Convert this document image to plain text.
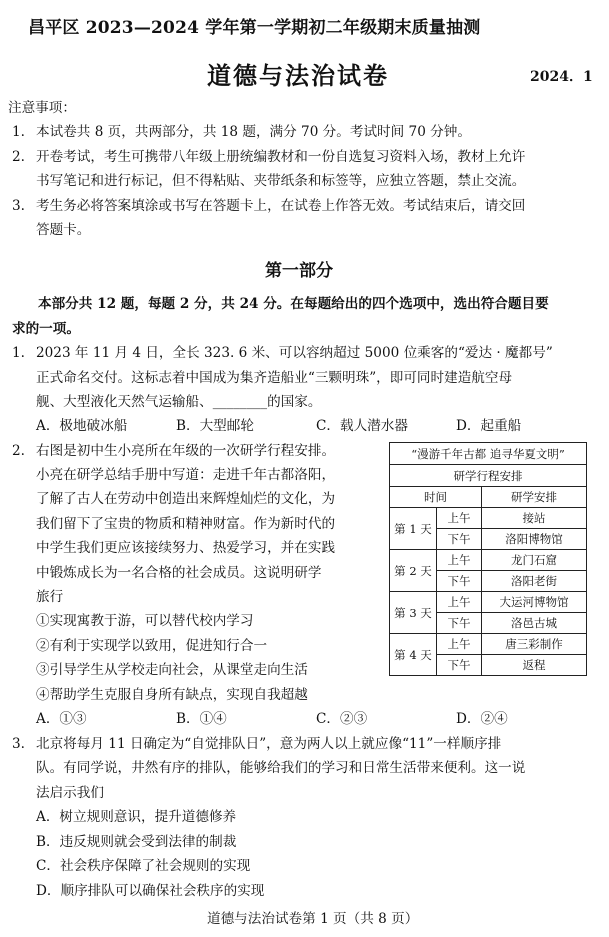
昌平区 2023—2024 学年第一学期初二年级期末质量抽测
道德与法治试卷	2024．1
注意事项：
1. 本试卷共 8 页，共两部分，共 18 题，满分 70 分。考试时间 70 分钟。
2. 开卷考试，考生可携带八年级上册统编教材和一份自选复习资料入场，教材上允许
书写笔记和进行标记，但不得粘贴、夹带纸条和标签等，应独立答题，禁止交流。
3. 考生务必将答案填涂或书写在答题卡上，在试卷上作答无效。考试结束后，请交回
答题卡。
第一部分
本部分共 12 题，每题 2 分，共 24 分。在每题给出的四个选项中，选出符合题目要
求的一项。
1. 2023 年 11 月 4 日，全长 323. 6 米、可以容纳超过 5000 位乘客的“爱达 · 魔都号”
正式命名交付。这标志着中国成为集齐造船业“三颗明珠”，即可同时建造航空母
舰、大型液化天然气运输船、________的国家。
A．极地破冰船	B．大型邮轮	C．载人潜水器	D．起重船
2. 右图是初中生小亮所在年级的一次研学行程安排。
小亮在研学总结手册中写道：走进千年古都洛阳，
了解了古人在劳动中创造出来辉煌灿烂的文化，为
我们留下了宝贵的物质和精神财富。作为新时代的
中学生我们更应该接续努力、热爱学习，并在实践
中锻炼成长为一名合格的社会成员。这说明研学
旅行
①实现寓教于游，可以替代校内学习
②有利于实现学以致用，促进知行合一
③引导学生从学校走向社会，从课堂走向生活
④帮助学生克服自身所有缺点，实现自我超越
A．①③	B．①④	C．②③	D．②④
“漫游千年古都 追寻华夏文明”		
研学行程安排		
时间		研学安排
第 1 天	上午	接站
	下午	洛阳博物馆
第 2 天	上午	龙门石窟
	下午	洛阳老街
第 3 天	上午	大运河博物馆
	下午	洛邑古城
第 4 天	上午	唐三彩制作
	下午	返程
3. 北京将每月 11 日确定为“自觉排队日”，意为两人以上就应像“11”一样顺序排
队。有同学说，井然有序的排队，能够给我们的学习和日常生活带来便利。这一说
法启示我们
A．树立规则意识，提升道德修养
B．违反规则就会受到法律的制裁
C．社会秩序保障了社会规则的实现
D．顺序排队可以确保社会秩序的实现
道德与法治试卷第 1 页（共 8 页）
